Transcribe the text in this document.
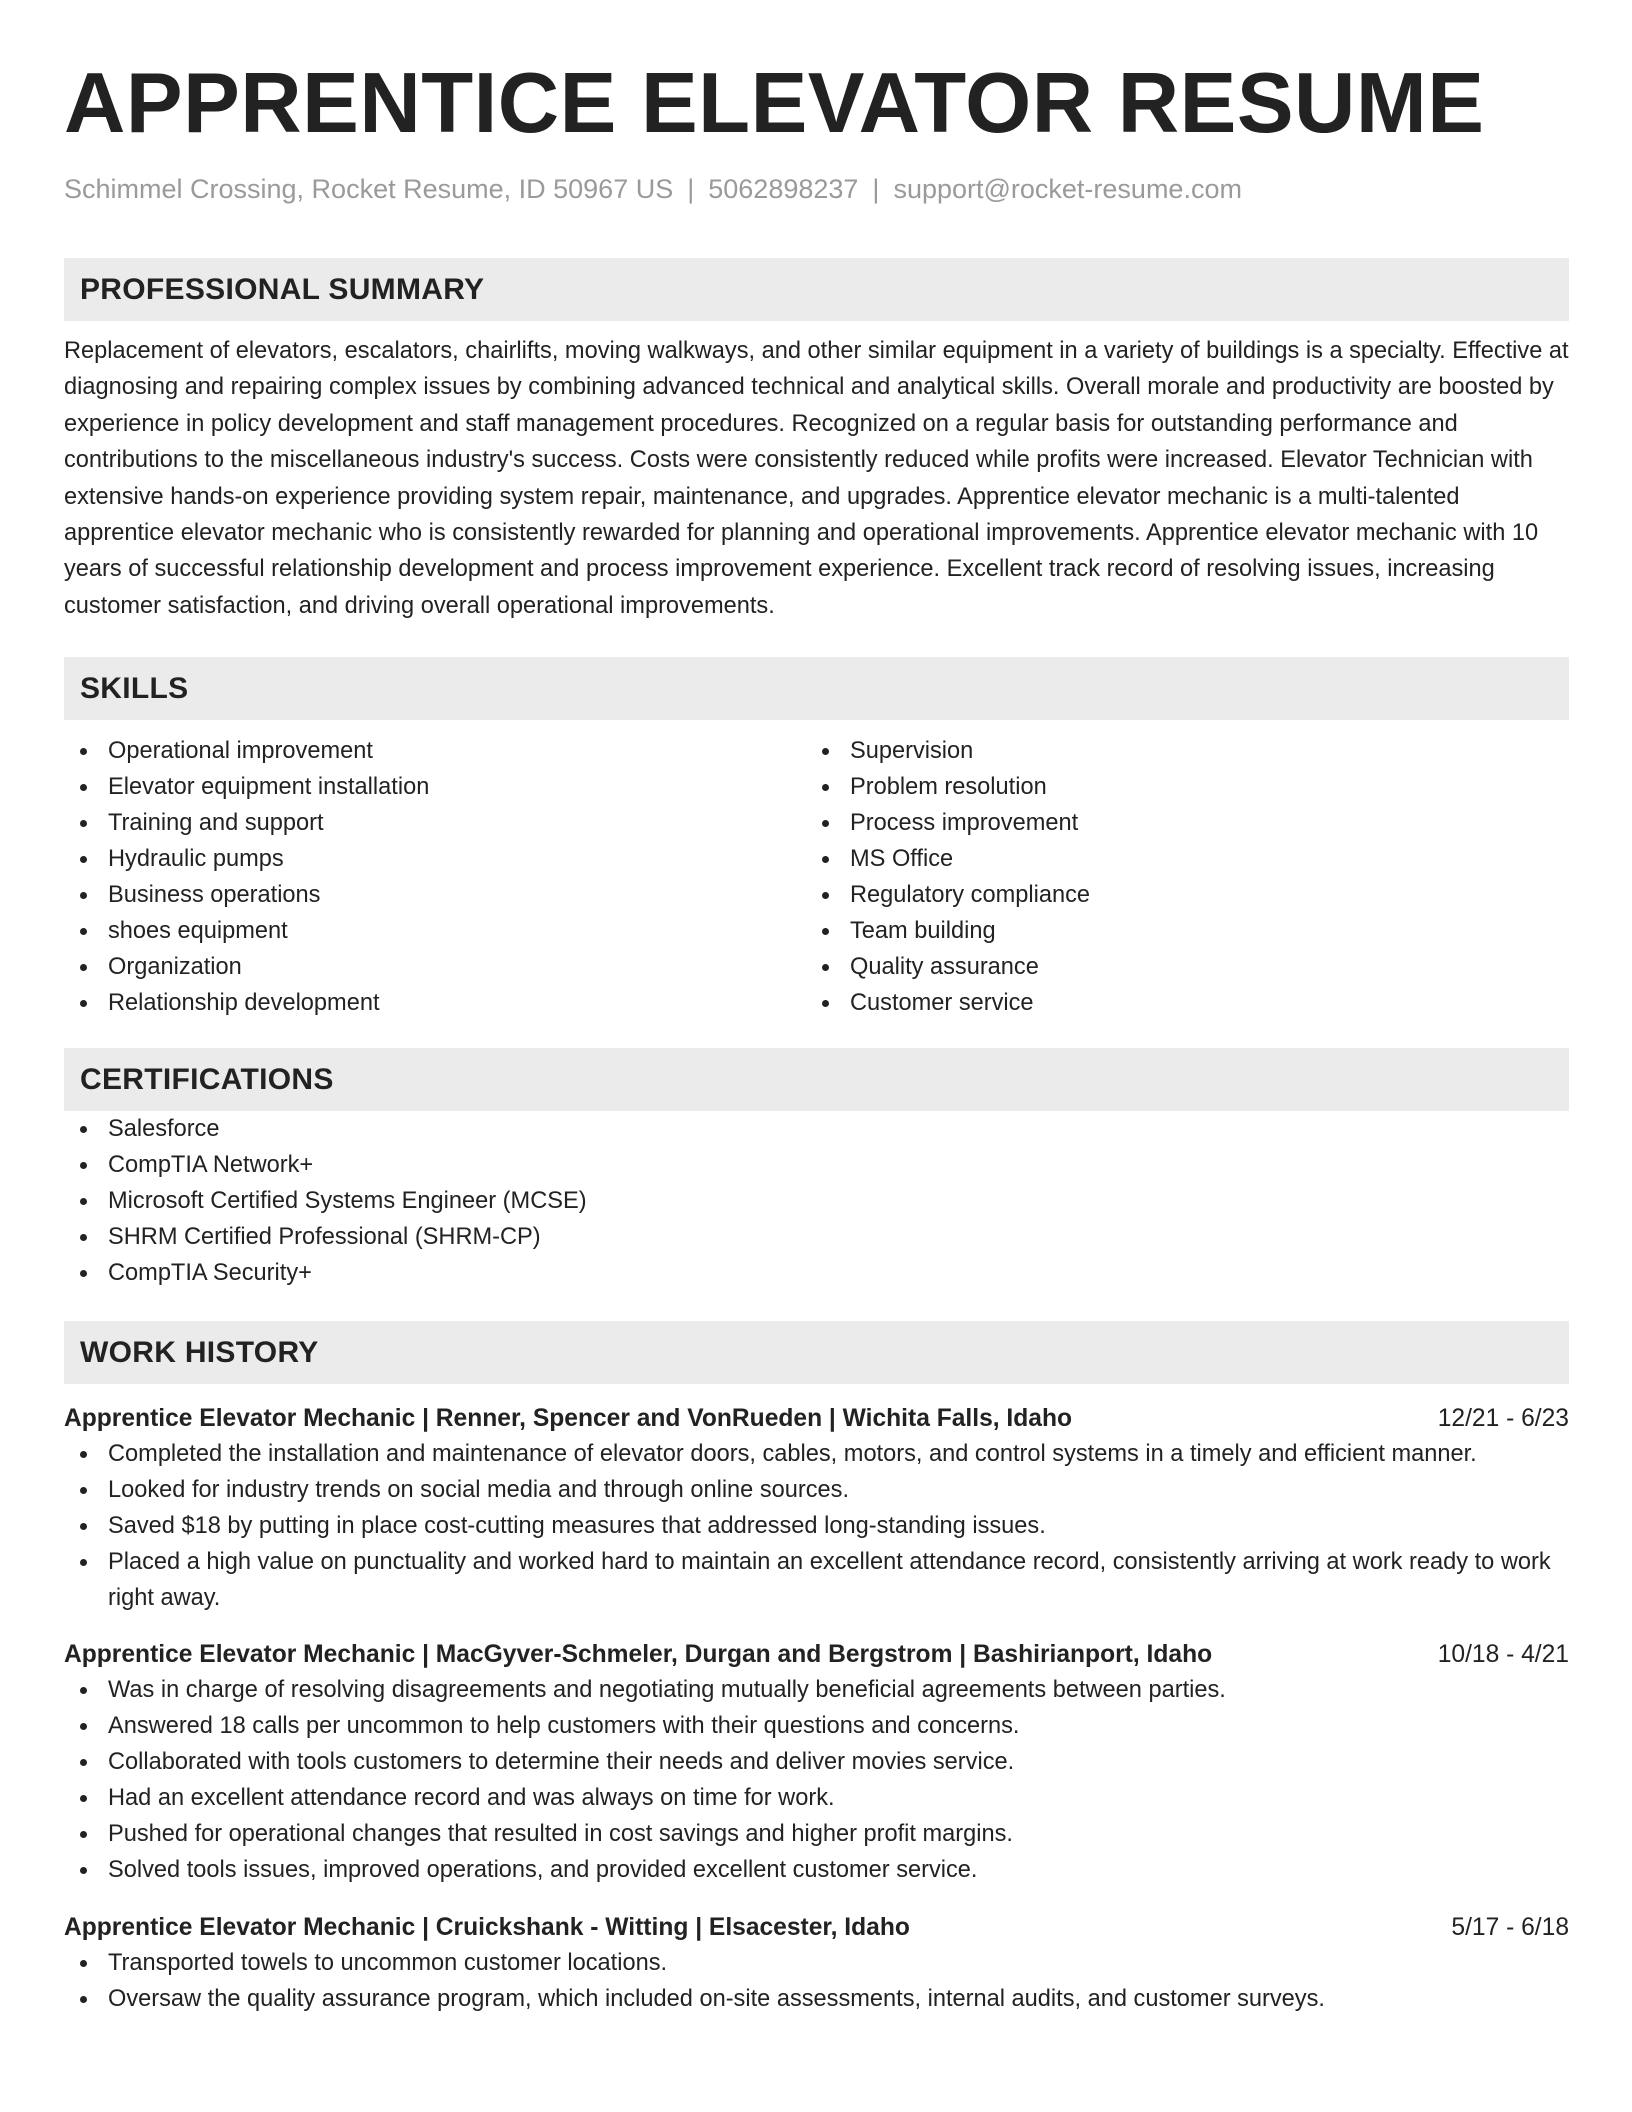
APPRENTICE ELEVATOR RESUME
Schimmel Crossing, Rocket Resume, ID 50967 US | 5062898237 | support@rocket-resume.com
PROFESSIONAL SUMMARY

Replacement of elevators, escalators, chairlifts, moving walkways, and other similar equipment in a variety of buildings is a specialty. Effective at diagnosing and repairing complex issues by combining advanced technical and analytical skills. Overall morale and productivity are boosted by experience in policy development and staff management procedures. Recognized on a regular basis for outstanding performance and contributions to the miscellaneous industry's success. Costs were consistently reduced while profits were increased. Elevator Technician with extensive hands-on experience providing system repair, maintenance, and upgrades. Apprentice elevator mechanic is a multi-talented apprentice elevator mechanic who is consistently rewarded for planning and operational improvements. Apprentice elevator mechanic with 10 years of successful relationship development and process improvement experience. Excellent track record of resolving issues, increasing customer satisfaction, and driving overall operational improvements.

SKILLS
Operational improvement
Elevator equipment installation
Training and support
Hydraulic pumps
Business operations
shoes equipment
Organization
Relationship development
Supervision
Problem resolution
Process improvement
MS Office
Regulatory compliance
Team building
Quality assurance
Customer service
CERTIFICATIONS
Salesforce
CompTIA Network+
Microsoft Certified Systems Engineer (MCSE)
SHRM Certified Professional (SHRM-CP)
CompTIA Security+
WORK HISTORY
Apprentice Elevator Mechanic | Renner, Spencer and VonRueden | Wichita Falls, Idaho	12/21 - 6/23
Completed the installation and maintenance of elevator doors, cables, motors, and control systems in a timely and efficient manner.
Looked for industry trends on social media and through online sources.
Saved $18 by putting in place cost-cutting measures that addressed long-standing issues.
Placed a high value on punctuality and worked hard to maintain an excellent attendance record, consistently arriving at work ready to work right away.
Apprentice Elevator Mechanic | MacGyver-Schmeler, Durgan and Bergstrom | Bashirianport, Idaho	10/18 - 4/21
Was in charge of resolving disagreements and negotiating mutually beneficial agreements between parties.
Answered 18 calls per uncommon to help customers with their questions and concerns.
Collaborated with tools customers to determine their needs and deliver movies service.
Had an excellent attendance record and was always on time for work.
Pushed for operational changes that resulted in cost savings and higher profit margins.
Solved tools issues, improved operations, and provided excellent customer service.
Apprentice Elevator Mechanic | Cruickshank - Witting | Elsacester, Idaho	5/17 - 6/18
Transported towels to uncommon customer locations.
Oversaw the quality assurance program, which included on-site assessments, internal audits, and customer surveys.
